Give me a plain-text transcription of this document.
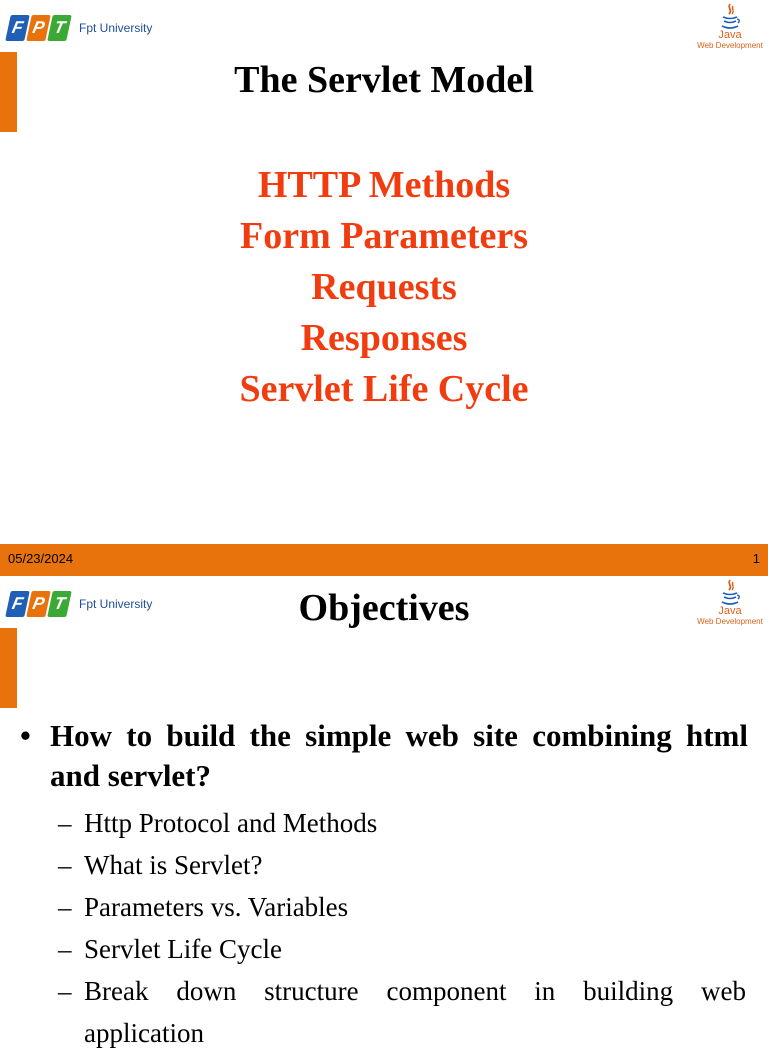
F P T	Fpt University	Java
Web Development
The Servlet Model
HTTP Methods
Form Parameters
Requests
Responses
Servlet Life Cycle
05/23/2024	1
F P T	Fpt University	Java
Web Development
Objectives
• How to build the simple web site combining html and servlet?
– Http Protocol and Methods
– What is Servlet?
– Parameters vs. Variables
– Servlet Life Cycle
– Break down structure component in building web application
